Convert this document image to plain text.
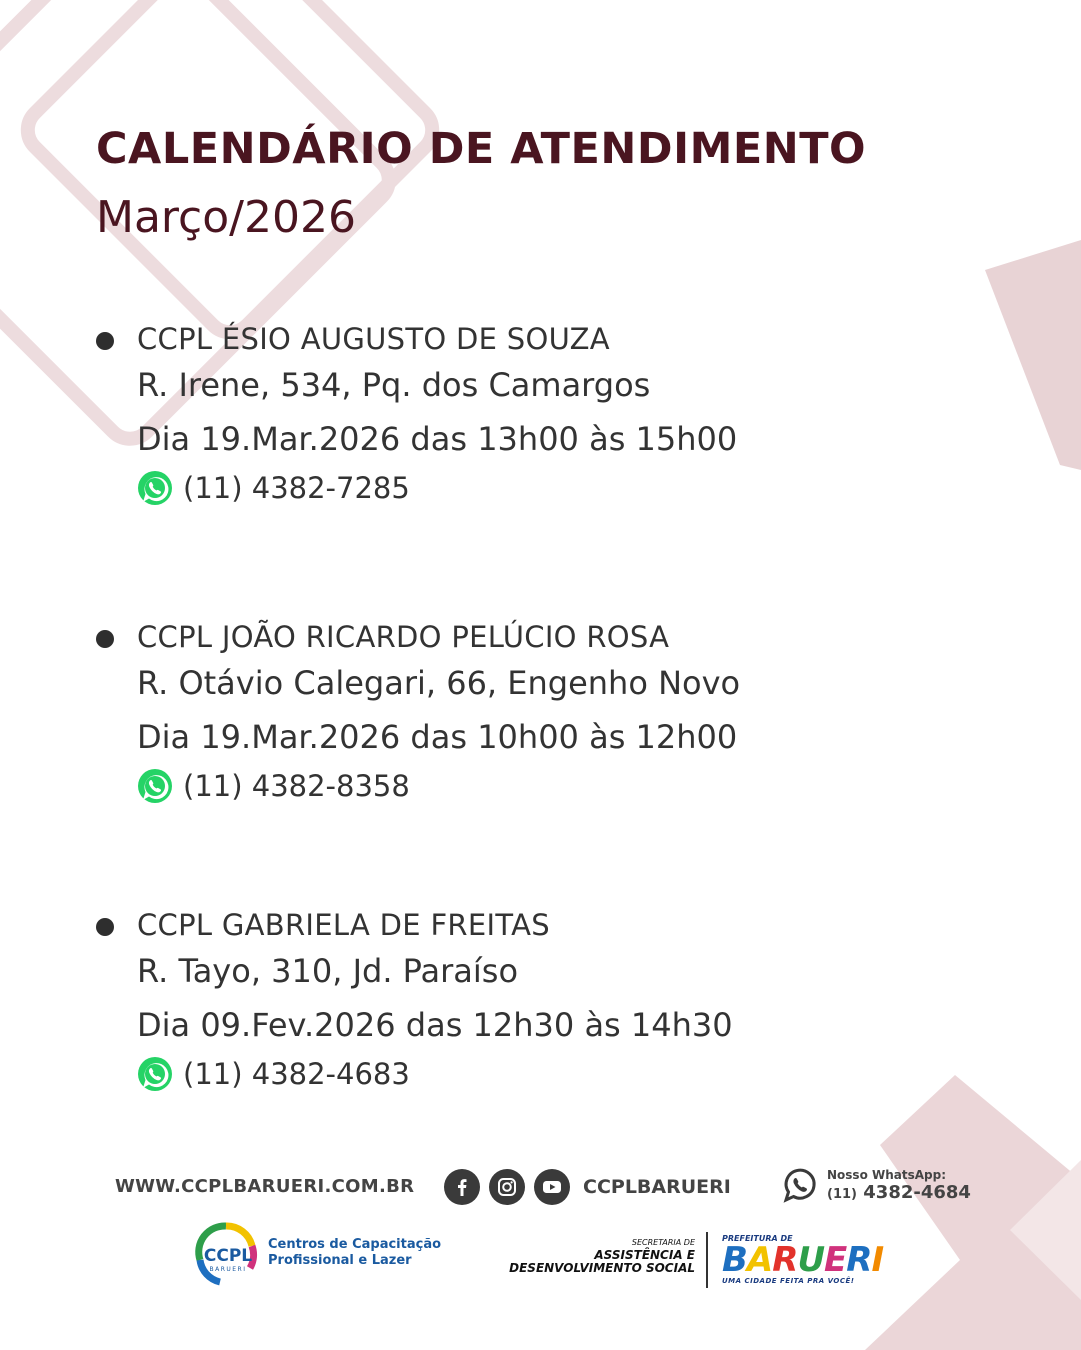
CALENDÁRIO DE ATENDIMENTO
Março/2026
CCPL ÉSIO AUGUSTO DE SOUZA
R. Irene, 534, Pq. dos Camargos
Dia 19.Mar.2026 das 13h00 às 15h00
(11) 4382-7285
CCPL JOÃO RICARDO PELÚCIO ROSA
R. Otávio Calegari, 66, Engenho Novo
Dia 19.Mar.2026 das 10h00 às 12h00
(11) 4382-8358
CCPL GABRIELA DE FREITAS
R. Tayo, 310, Jd. Paraíso
Dia 09.Fev.2026 das 12h30 às 14h30
(11) 4382-4683
WWW.CCPLBARUERI.COM.BR	CCPLBARUERI
Nosso WhatsApp:
(11) 4382-4684
CCPL
BARUERI
Centros de Capacitação
Profissional e Lazer
SECRETARIA DE
ASSISTÊNCIA E
DESENVOLVIMENTO SOCIAL
PREFEITURA DE
BARUERI
UMA CIDADE FEITA PRA VOCÊ!
